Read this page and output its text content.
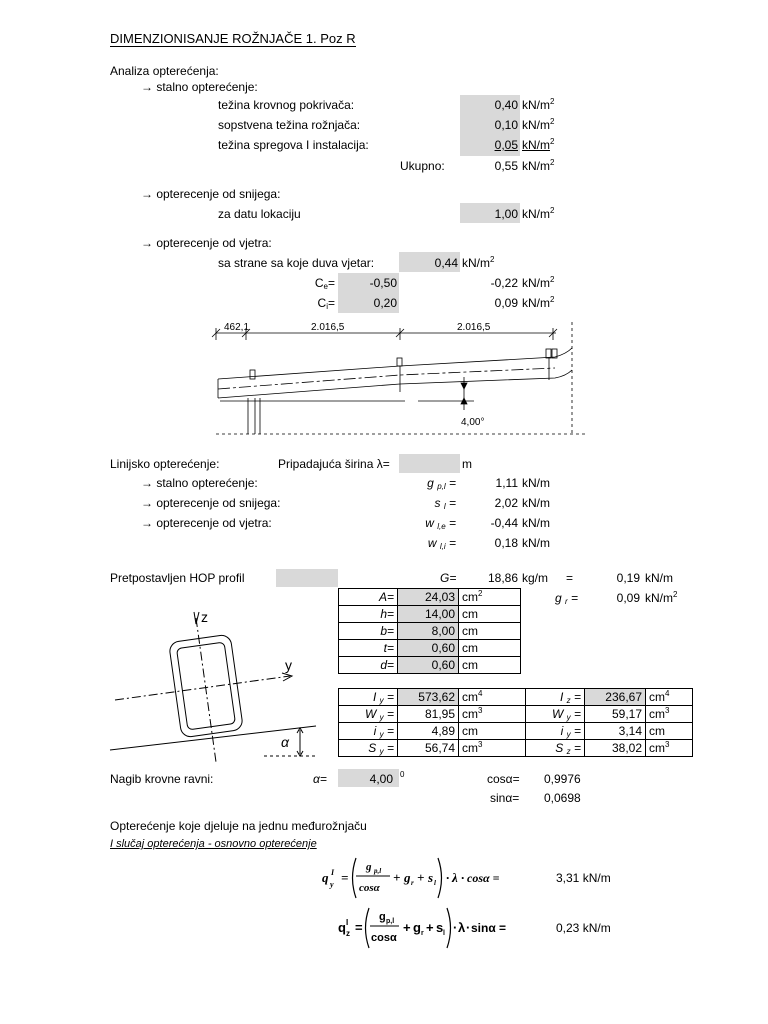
DIMENZIONISANJE ROŽNJAČE 1. Poz R
Analiza opterećenja:
→ stalno opterećenje:
težina krovnog pokrivača:	0,40 $kN/m^2$
sopstvena težina rožnjača:	0,10 $kN/m^2$
težina spregova I instalacija:	0,05 $kN/m^2$
Ukupno:	0,55 $kN/m^2$
→ opterecenje od snijega:
za datu lokaciju	1,00 $kN/m^2$
→ opterecenje od vjetra:
sa strane sa koje duva vjetar:	0,44 $kN/m^2$
$C_e=$	-0,50	-0,22 $kN/m^2$
$C_i=$	0,20	0,09 $kN/m^2$
462,1	2.016,5	2.016,5
4,00°
Linijsko opterećenje:	Pripadajuća širina λ=	m
→ stalno opterećenje:	g $_{p,l}$ =	1,11 kN/m
→ opterecenje od snijega:	s $_l$ =	2,02 kN/m
→ opterecenje od vjetra:	w $_{l,e}$ =	-0,44 kN/m
w $_{l,i}$ =	0,18 kN/m
Pretpostavljen HOP profil	G=	18,86 kg/m =	0,19 kN/m
g $_r$ =	0,09 $kN/m^2$
A=	24,03	$cm^2$
h=	14,00	cm
b=	8,00	cm
t=	0,60	cm
d=	0,60	cm
I $_y$ =	573,62	$cm^4$	I $_z$ =	236,67	$cm^4$
W $_y$ =	81,95	$cm^3$	W $_y$ =	59,17	$cm^3$
i $_y$ =	4,89	cm	i $_y$ =	3,14	cm
S $_y$ =	56,74	$cm^3$	S $_z$ =	38,02	$cm^3$
z
y
α
Nagib krovne ravni:	α=	4,00 0	cosα= 0,9976
sinα= 0,0698
Opterećenje koje djeluje na jednu međurožnjaču
I slučaj opterećenja - osnovno opterećenje
q I
y =
g p,l
cosα
+ g r + s l · λ · cosα =
q I
z =
g p,l
cosα
+ g r + s l · λ · sinα =
3,31 kN/m
0,23 kN/m
